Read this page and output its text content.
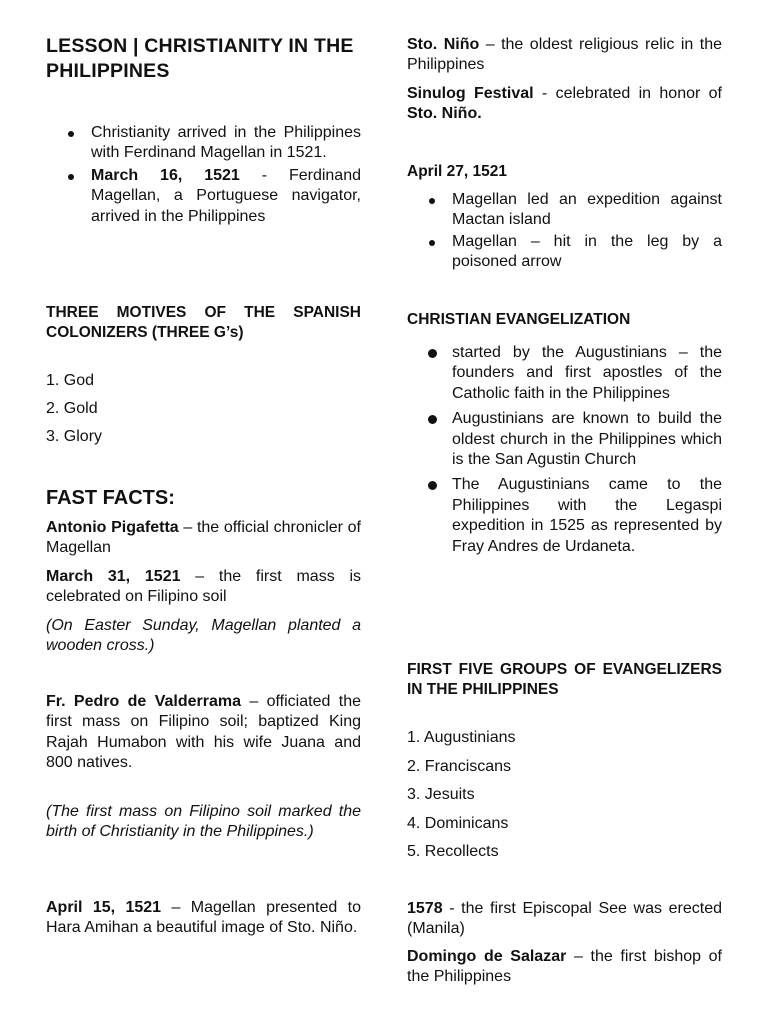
LESSON | CHRISTIANITY IN THE PHILIPPINES
Christianity arrived in the Philippines with Ferdinand Magellan in 1521.
March 16, 1521 - Ferdinand Magellan, a Portuguese navigator, arrived in the Philippines
THREE MOTIVES OF THE SPANISH COLONIZERS (THREE G’s)
1. God
2. Gold
3. Glory
FAST FACTS:
Antonio Pigafetta – the official chronicler of Magellan
March 31, 1521 – the first mass is celebrated on Filipino soil
(On Easter Sunday, Magellan planted a wooden cross.)
Fr. Pedro de Valderrama – officiated the first mass on Filipino soil; baptized King Rajah Humabon with his wife Juana and 800 natives.
(The first mass on Filipino soil marked the birth of Christianity in the Philippines.)
April 15, 1521 – Magellan presented to Hara Amihan a beautiful image of Sto. Niño.
Sto. Niño – the oldest religious relic in the Philippines
Sinulog Festival - celebrated in honor of Sto. Niño.
April 27, 1521
Magellan led an expedition against Mactan island
Magellan – hit in the leg by a poisoned arrow
CHRISTIAN EVANGELIZATION
started by the Augustinians – the founders and first apostles of the Catholic faith in the Philippines
Augustinians are known to build the oldest church in the Philippines which is the San Agustin Church
The Augustinians came to the Philippines with the Legaspi expedition in 1525 as represented by Fray Andres de Urdaneta.
FIRST FIVE GROUPS OF EVANGELIZERS IN THE PHILIPPINES
1. Augustinians
2. Franciscans
3. Jesuits
4. Dominicans
5. Recollects
1578 - the first Episcopal See was erected (Manila)
Domingo de Salazar – the first bishop of the Philippines
